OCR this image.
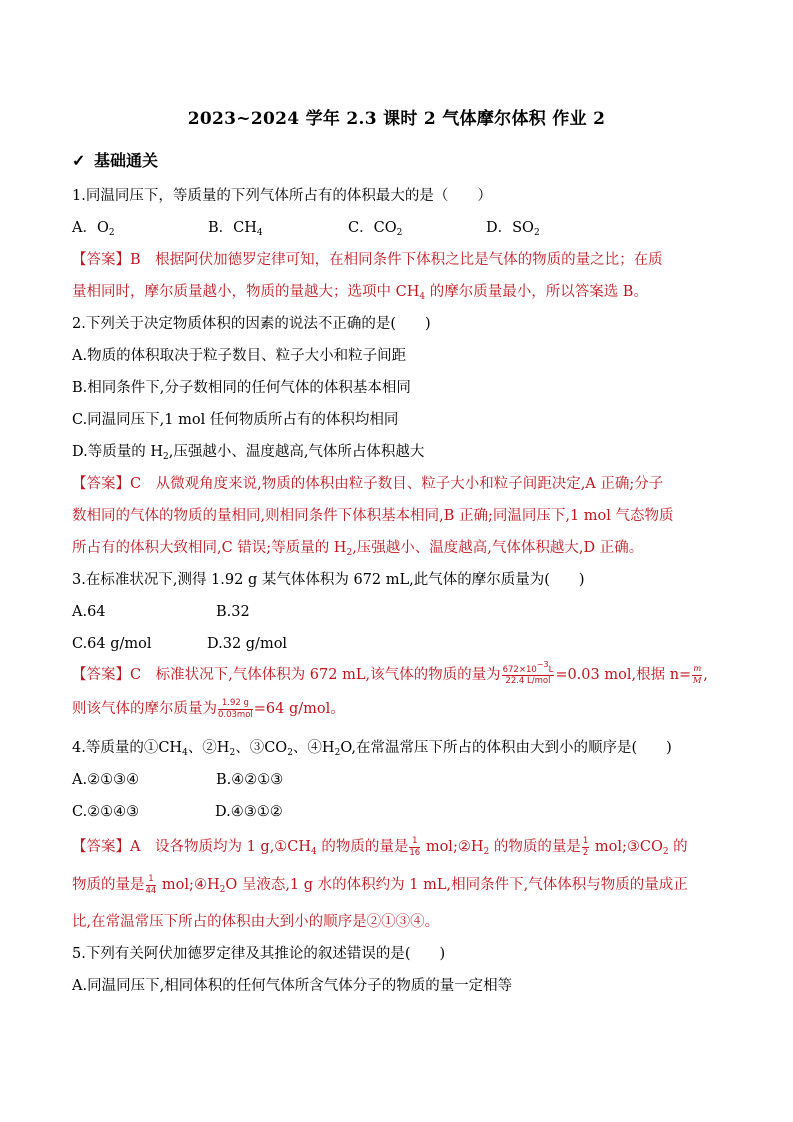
2023~2024 学年 2.3 课时 2 气体摩尔体积 作业 2
✓ 基础通关
1.同温同压下，等质量的下列气体所占有的体积最大的是（　　）
A．$O_2$	B．$CH_4$	C．$CO_2$	D．$SO_2$
【答案】B　根据阿伏加德罗定律可知，在相同条件下体积之比是气体的物质的量之比；在质
量相同时，摩尔质量越小，物质的量越大；选项中 $CH_4$ 的摩尔质量最小，所以答案选 B。
2.下列关于决定物质体积的因素的说法不正确的是(　　)
A.物质的体积取决于粒子数目、粒子大小和粒子间距
B.相同条件下,分子数相同的任何气体的体积基本相同
C.同温同压下,1 mol 任何物质所占有的体积均相同
D.等质量的 $H_2$,压强越小、温度越高,气体所占体积越大
【答案】C　从微观角度来说,物质的体积由粒子数目、粒子大小和粒子间距决定,A 正确;分子
数相同的气体的物质的量相同,则相同条件下体积基本相同,B 正确;同温同压下,1 mol 气态物质
所占有的体积大致相同,C 错误;等质量的 $H_2$,压强越小、温度越高,气体体积越大,D 正确。
3.在标准状况下,测得 1.92 g 某气体体积为 672 mL,此气体的摩尔质量为(　　)
A.64	B.32
C.64 g/mol	D.32 g/mol
【答案】C　标准状况下,气体体积为 672 mL,该气体的物质的量为 $\frac{672\times 10^{-3}L}{\text{22.4 L/mol}} =0.03$ mol,根据 $n= \frac{m}{M}$ ,
则该气体的摩尔质量为 $\frac{1.92 g}{\text{0.03mol}} =64$ g/mol。
4.等质量的$①CH_4$、$②H_2$、$③CO_2$、$④H_2O$,在常温常压下所占的体积由大到小的顺序是(　　)
A.②①③④	B.④②①③
C.②①④③	D.④③①②
【答案】A　设各物质均为 1 $g,①CH_4$ 的物质的量是 $\frac{1}{16}$ $mol;②H_2$ 的物质的量是 $\frac{1}{2}$ $mol;③CO_2$ 的
物质的量是 $\frac{1}{44}$ $mol;④H_2O$ 呈液态,1 g 水的体积约为 1 mL,相同条件下,气体体积与物质的量成正
比,在常温常压下所占的体积由大到小的顺序是②①③④。
5.下列有关阿伏加德罗定律及其推论的叙述错误的是(　　)
A.同温同压下,相同体积的任何气体所含气体分子的物质的量一定相等
